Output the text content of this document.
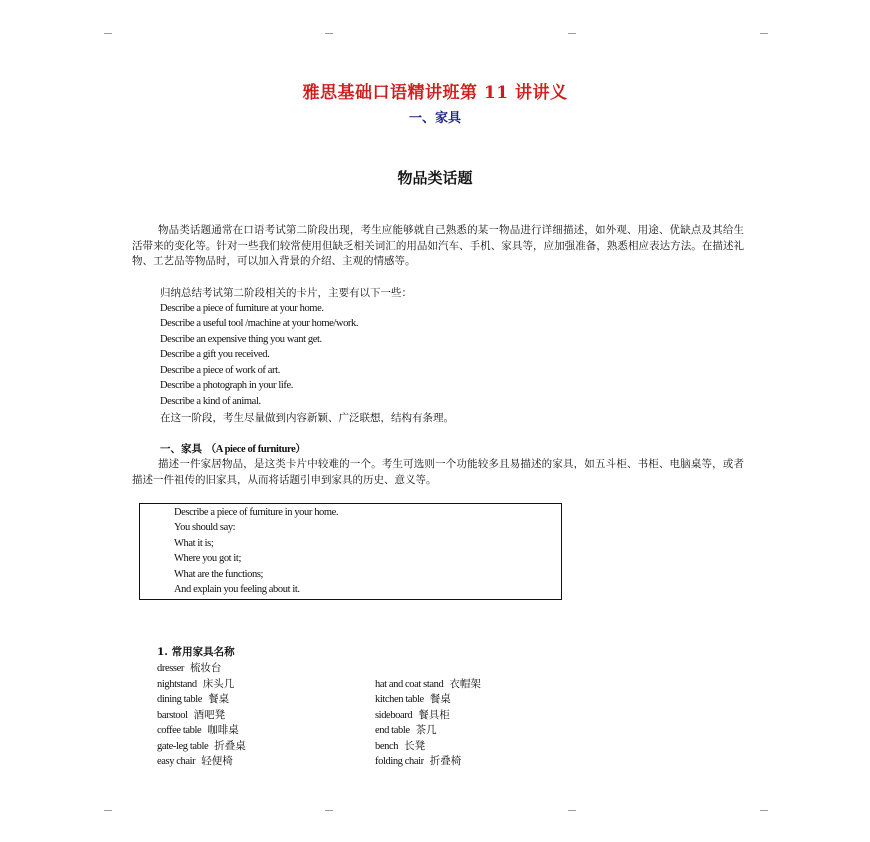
雅思基础口语精讲班第 11 讲讲义
一、家具
物品类话题
物品类话题通常在口语考试第二阶段出现，考生应能够就自己熟悉的某一物品进行详细描述，如外观、用途、优缺点及其给生活带来的变化等。针对一些我们较常使用但缺乏相关词汇的用品如汽车、手机、家具等，应加强准备，熟悉相应表达方法。在描述礼物、工艺品等物品时，可以加入背景的介绍、主观的情感等。
归纳总结考试第二阶段相关的卡片，主要有以下一些：
Describe a piece of furniture at your home.
Describe a useful tool /machine at your home/work.
Describe an expensive thing you want get.
Describe a gift you received.
Describe a piece of work of art.
Describe a photograph in your life.
Describe a kind of animal.
在这一阶段，考生尽量做到内容新颖、广泛联想，结构有条理。
一、家具 （A piece of furniture）
描述一件家居物品，是这类卡片中较难的一个。考生可选则一个功能较多且易描述的家具，如五斗柜、书柜、电脑桌等，或者描述一件祖传的旧家具，从而将话题引申到家具的历史、意义等。
Describe a piece of furniture in your home.
You should say:
What it is;
Where you got it;
What are the functions;
And explain you feeling about it.
1. 常用家具名称
dresser 梳妆台
nightstand 床头几
dining table 餐桌
barstool 酒吧凳
coffee table 咖啡桌
gate-leg table 折叠桌
easy chair 轻便椅
hat and coat stand 衣帽架
kitchen table 餐桌
sideboard 餐具柜
end table 茶几
bench 长凳
folding chair 折叠椅
